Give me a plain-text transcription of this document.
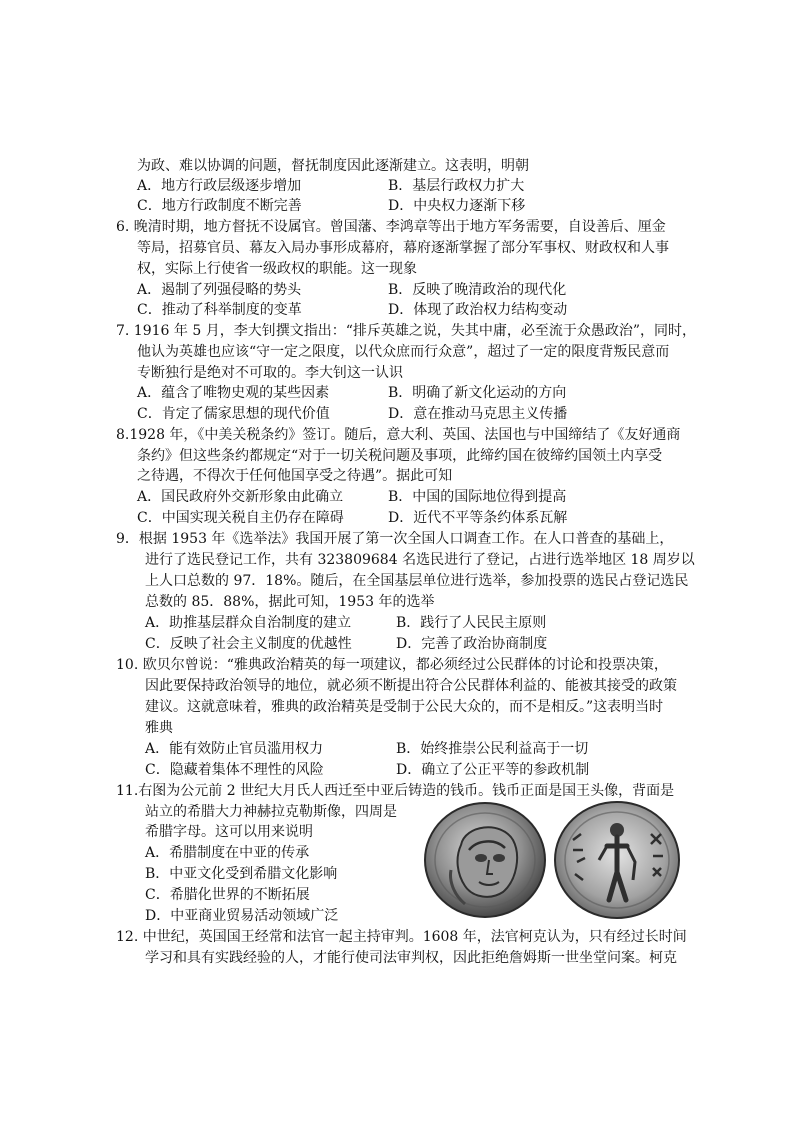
为政、难以协调的问题，督抚制度因此逐渐建立。这表明，明朝
A．地方行政层级逐步增加	B．基层行政权力扩大
C．地方行政制度不断完善	D．中央权力逐渐下移
6. 晚清时期，地方督抚不设属官。曾国藩、李鸿章等出于地方军务需要，自设善后、厘金
等局，招募官员、幕友入局办事形成幕府，幕府逐渐掌握了部分军事权、财政权和人事
权，实际上行使省一级政权的职能。这一现象
A．遏制了列强侵略的势头	B．反映了晚清政治的现代化
C．推动了科举制度的变革	D．体现了政治权力结构变动
7. 1916 年 5 月，李大钊撰文指出：“排斥英雄之说，失其中庸，必至流于众愚政治”，同时，
他认为英雄也应该“守一定之限度，以代众庶而行众意”，超过了一定的限度背叛民意而
专断独行是绝对不可取的。李大钊这一认识
A．蕴含了唯物史观的某些因素	B．明确了新文化运动的方向
C．肯定了儒家思想的现代价值	D．意在推动马克思主义传播
8.1928 年，《中美关税条约》签订。随后，意大利、英国、法国也与中国缔结了《友好通商
条约》但这些条约都规定“对于一切关税问题及事项，此缔约国在彼缔约国领土内享受
之待遇，不得次于任何他国享受之待遇”。据此可知
A．国民政府外交新形象由此确立	B．中国的国际地位得到提高
C．中国实现关税自主仍存在障碍	D．近代不平等条约体系瓦解
9．根据 1953 年《选举法》我国开展了第一次全国人口调查工作。在人口普查的基础上，
进行了选民登记工作，共有 323809684 名选民进行了登记，占进行选举地区 18 周岁以
上人口总数的 97．18%。随后，在全国基层单位进行选举，参加投票的选民占登记选民
总数的 85．88%，据此可知，1953 年的选举
A．助推基层群众自治制度的建立	B．践行了人民民主原则
C．反映了社会主义制度的优越性	D．完善了政治协商制度
10. 欧贝尔曾说：“雅典政治精英的每一项建议，都必须经过公民群体的讨论和投票决策，
因此要保持政治领导的地位，就必须不断提出符合公民群体利益的、能被其接受的政策
建议。这就意味着，雅典的政治精英是受制于公民大众的，而不是相反。”这表明当时
雅典
A．能有效防止官员滥用权力	B．始终推崇公民利益高于一切
C．隐藏着集体不理性的风险	D．确立了公正平等的参政机制
11.右图为公元前 2 世纪大月氏人西迁至中亚后铸造的钱币。钱币正面是国王头像，背面是
站立的希腊大力神赫拉克勒斯像，四周是
希腊字母。这可以用来说明
A．希腊制度在中亚的传承
B．中亚文化受到希腊文化影响
C．希腊化世界的不断拓展
D．中亚商业贸易活动领域广泛
12. 中世纪，英国国王经常和法官一起主持审判。1608 年，法官柯克认为，只有经过长时间
学习和具有实践经验的人，才能行使司法审判权，因此拒绝詹姆斯一世坐堂问案。柯克
